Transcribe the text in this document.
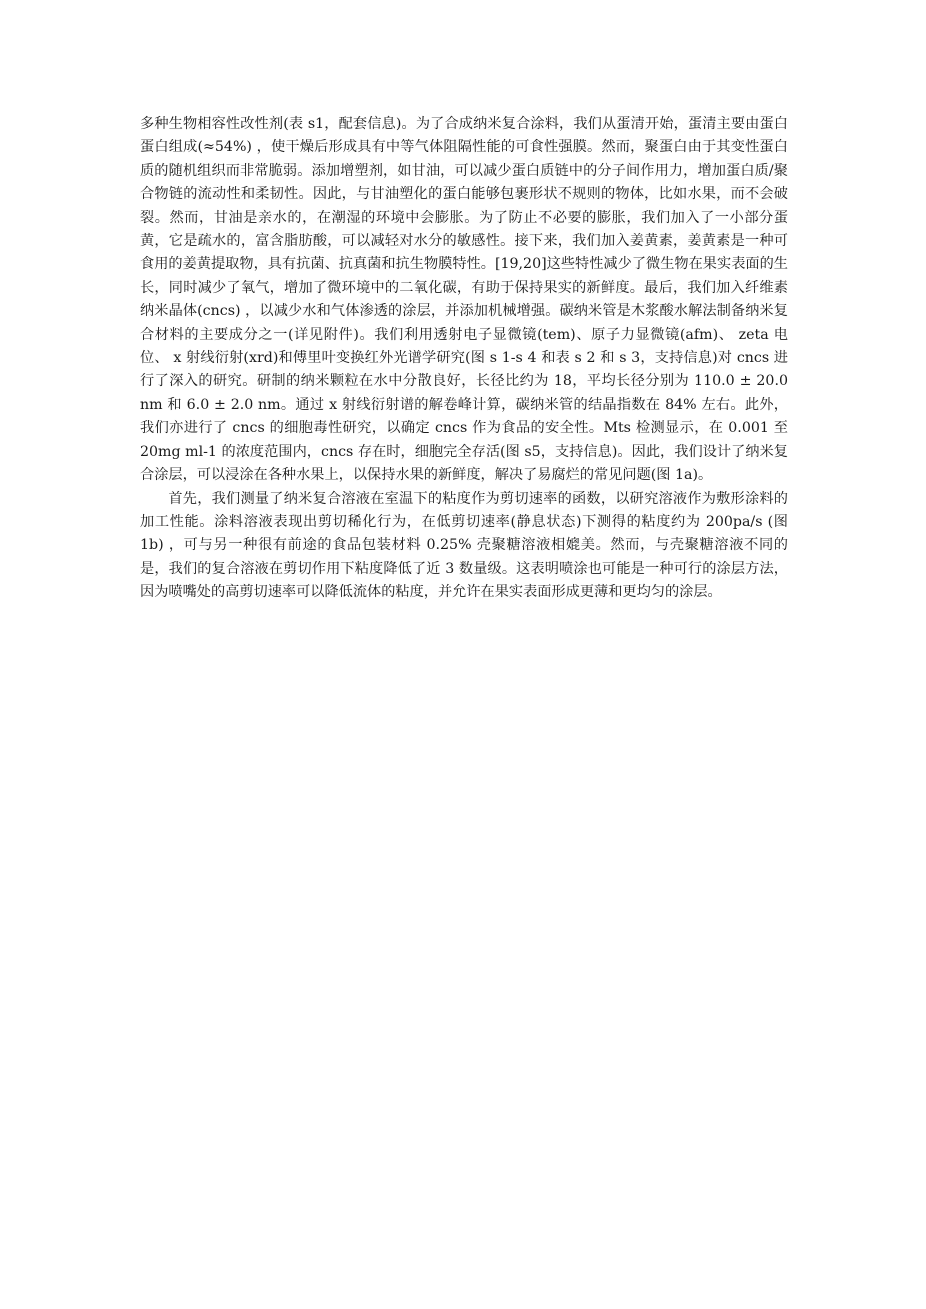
多种生物相容性改性剂(表 s1，配套信息)。为了合成纳米复合涂料，我们从蛋清开始，蛋清主要由蛋白蛋白组成(≈54%) ，使干燥后形成具有中等气体阻隔性能的可食性强膜。然而，聚蛋白由于其变性蛋白质的随机组织而非常脆弱。添加增塑剂，如甘油，可以减少蛋白质链中的分子间作用力，增加蛋白质/聚合物链的流动性和柔韧性。因此，与甘油塑化的蛋白能够包裹形状不规则的物体，比如水果，而不会破裂。然而，甘油是亲水的，在潮湿的环境中会膨胀。为了防止不必要的膨胀，我们加入了一小部分蛋黄，它是疏水的，富含脂肪酸，可以减轻对水分的敏感性。接下来，我们加入姜黄素，姜黄素是一种可食用的姜黄提取物，具有抗菌、抗真菌和抗生物膜特性。[19,20]这些特性减少了微生物在果实表面的生长，同时减少了氧气，增加了微环境中的二氧化碳，有助于保持果实的新鲜度。最后，我们加入纤维素纳米晶体(cncs) ，以减少水和气体渗透的涂层，并添加机械增强。碳纳米管是木浆酸水解法制备纳米复合材料的主要成分之一(详见附件)。我们利用透射电子显微镜(tem)、原子力显微镜(afm)、 zeta 电位、 x 射线衍射(xrd)和傅里叶变换红外光谱学研究(图 s 1-s 4 和表 s 2 和 s 3，支持信息)对 cncs 进行了深入的研究。研制的纳米颗粒在水中分散良好，长径比约为 18，平均长径分别为 110.0 ± 20.0 nm 和 6.0 ± 2.0 nm。通过 x 射线衍射谱的解卷峰计算，碳纳米管的结晶指数在 84% 左右。此外，我们亦进行了 cncs 的细胞毒性研究，以确定 cncs 作为食品的安全性。Mts 检测显示，在 0.001 至 20mg ml-1 的浓度范围内，cncs 存在时，细胞完全存活(图 s5，支持信息)。因此，我们设计了纳米复合涂层，可以浸涂在各种水果上，以保持水果的新鲜度，解决了易腐烂的常见问题(图 1a)。

首先，我们测量了纳米复合溶液在室温下的粘度作为剪切速率的函数，以研究溶液作为敷形涂料的加工性能。涂料溶液表现出剪切稀化行为，在低剪切速率(静息状态)下测得的粘度约为 200pa/s (图 1b) ，可与另一种很有前途的食品包装材料 0.25% 壳聚糖溶液相媲美。然而，与壳聚糖溶液不同的是，我们的复合溶液在剪切作用下粘度降低了近 3 数量级。这表明喷涂也可能是一种可行的涂层方法，因为喷嘴处的高剪切速率可以降低流体的粘度，并允许在果实表面形成更薄和更均匀的涂层。
